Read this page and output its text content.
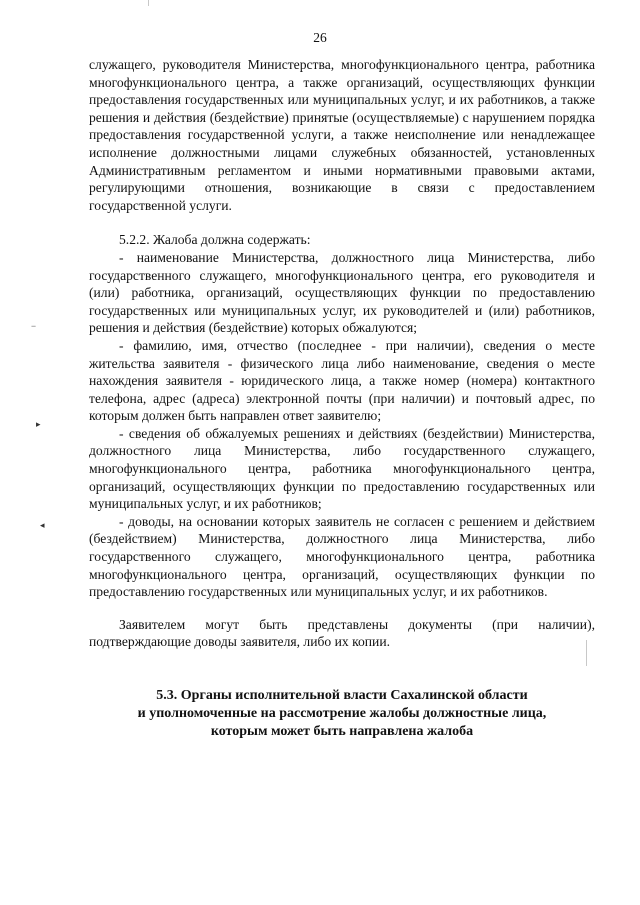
26
−
▸
◂

служащего, руководителя Министерства, многофункционального центра, работника многофункционального центра, а также организаций, осуществляющих функции предоставления государственных или муниципальных услуг, и их работников, а также решения и действия (бездействие) принятые (осуществляемые) с нарушением порядка предоставления государственной услуги, а также неисполнение или ненадлежащее исполнение должностными лицами служебных обязанностей, установленных Административным регламентом и иными нормативными правовыми актами, регулирующими отношения, возникающие в связи с предоставлением государственной услуги.

5.2.2. Жалоба должна содержать:

- наименование Министерства, должностного лица Министерства, либо государственного служащего, многофункционального центра, его руководителя и (или) работника, организаций, осуществляющих функции по предоставлению государственных или муниципальных услуг, их руководителей и (или) работников, решения и действия (бездействие) которых обжалуются;

- фамилию, имя, отчество (последнее - при наличии), сведения о месте жительства заявителя - физического лица либо наименование, сведения о месте нахождения заявителя - юридического лица, а также номер (номера) контактного телефона, адрес (адреса) электронной почты (при наличии) и почтовый адрес, по которым должен быть направлен ответ заявителю;

- сведения об обжалуемых решениях и действиях (бездействии) Министерства, должностного лица Министерства, либо государственного служащего, многофункционального центра, работника многофункционального центра, организаций, осуществляющих функции по предоставлению государственных или муниципальных услуг, и их работников;

- доводы, на основании которых заявитель не согласен с решением и действием (бездействием) Министерства, должностного лица Министерства, либо государственного служащего, многофункционального центра, работника многофункционального центра, организаций, осуществляющих функции по предоставлению государственных или муниципальных услуг, и их работников.

Заявителем могут быть представлены документы (при наличии), подтверждающие доводы заявителя, либо их копии.

5.3. Органы исполнительной власти Сахалинской области
и уполномоченные на рассмотрение жалобы должностные лица,
которым может быть направлена жалоба
